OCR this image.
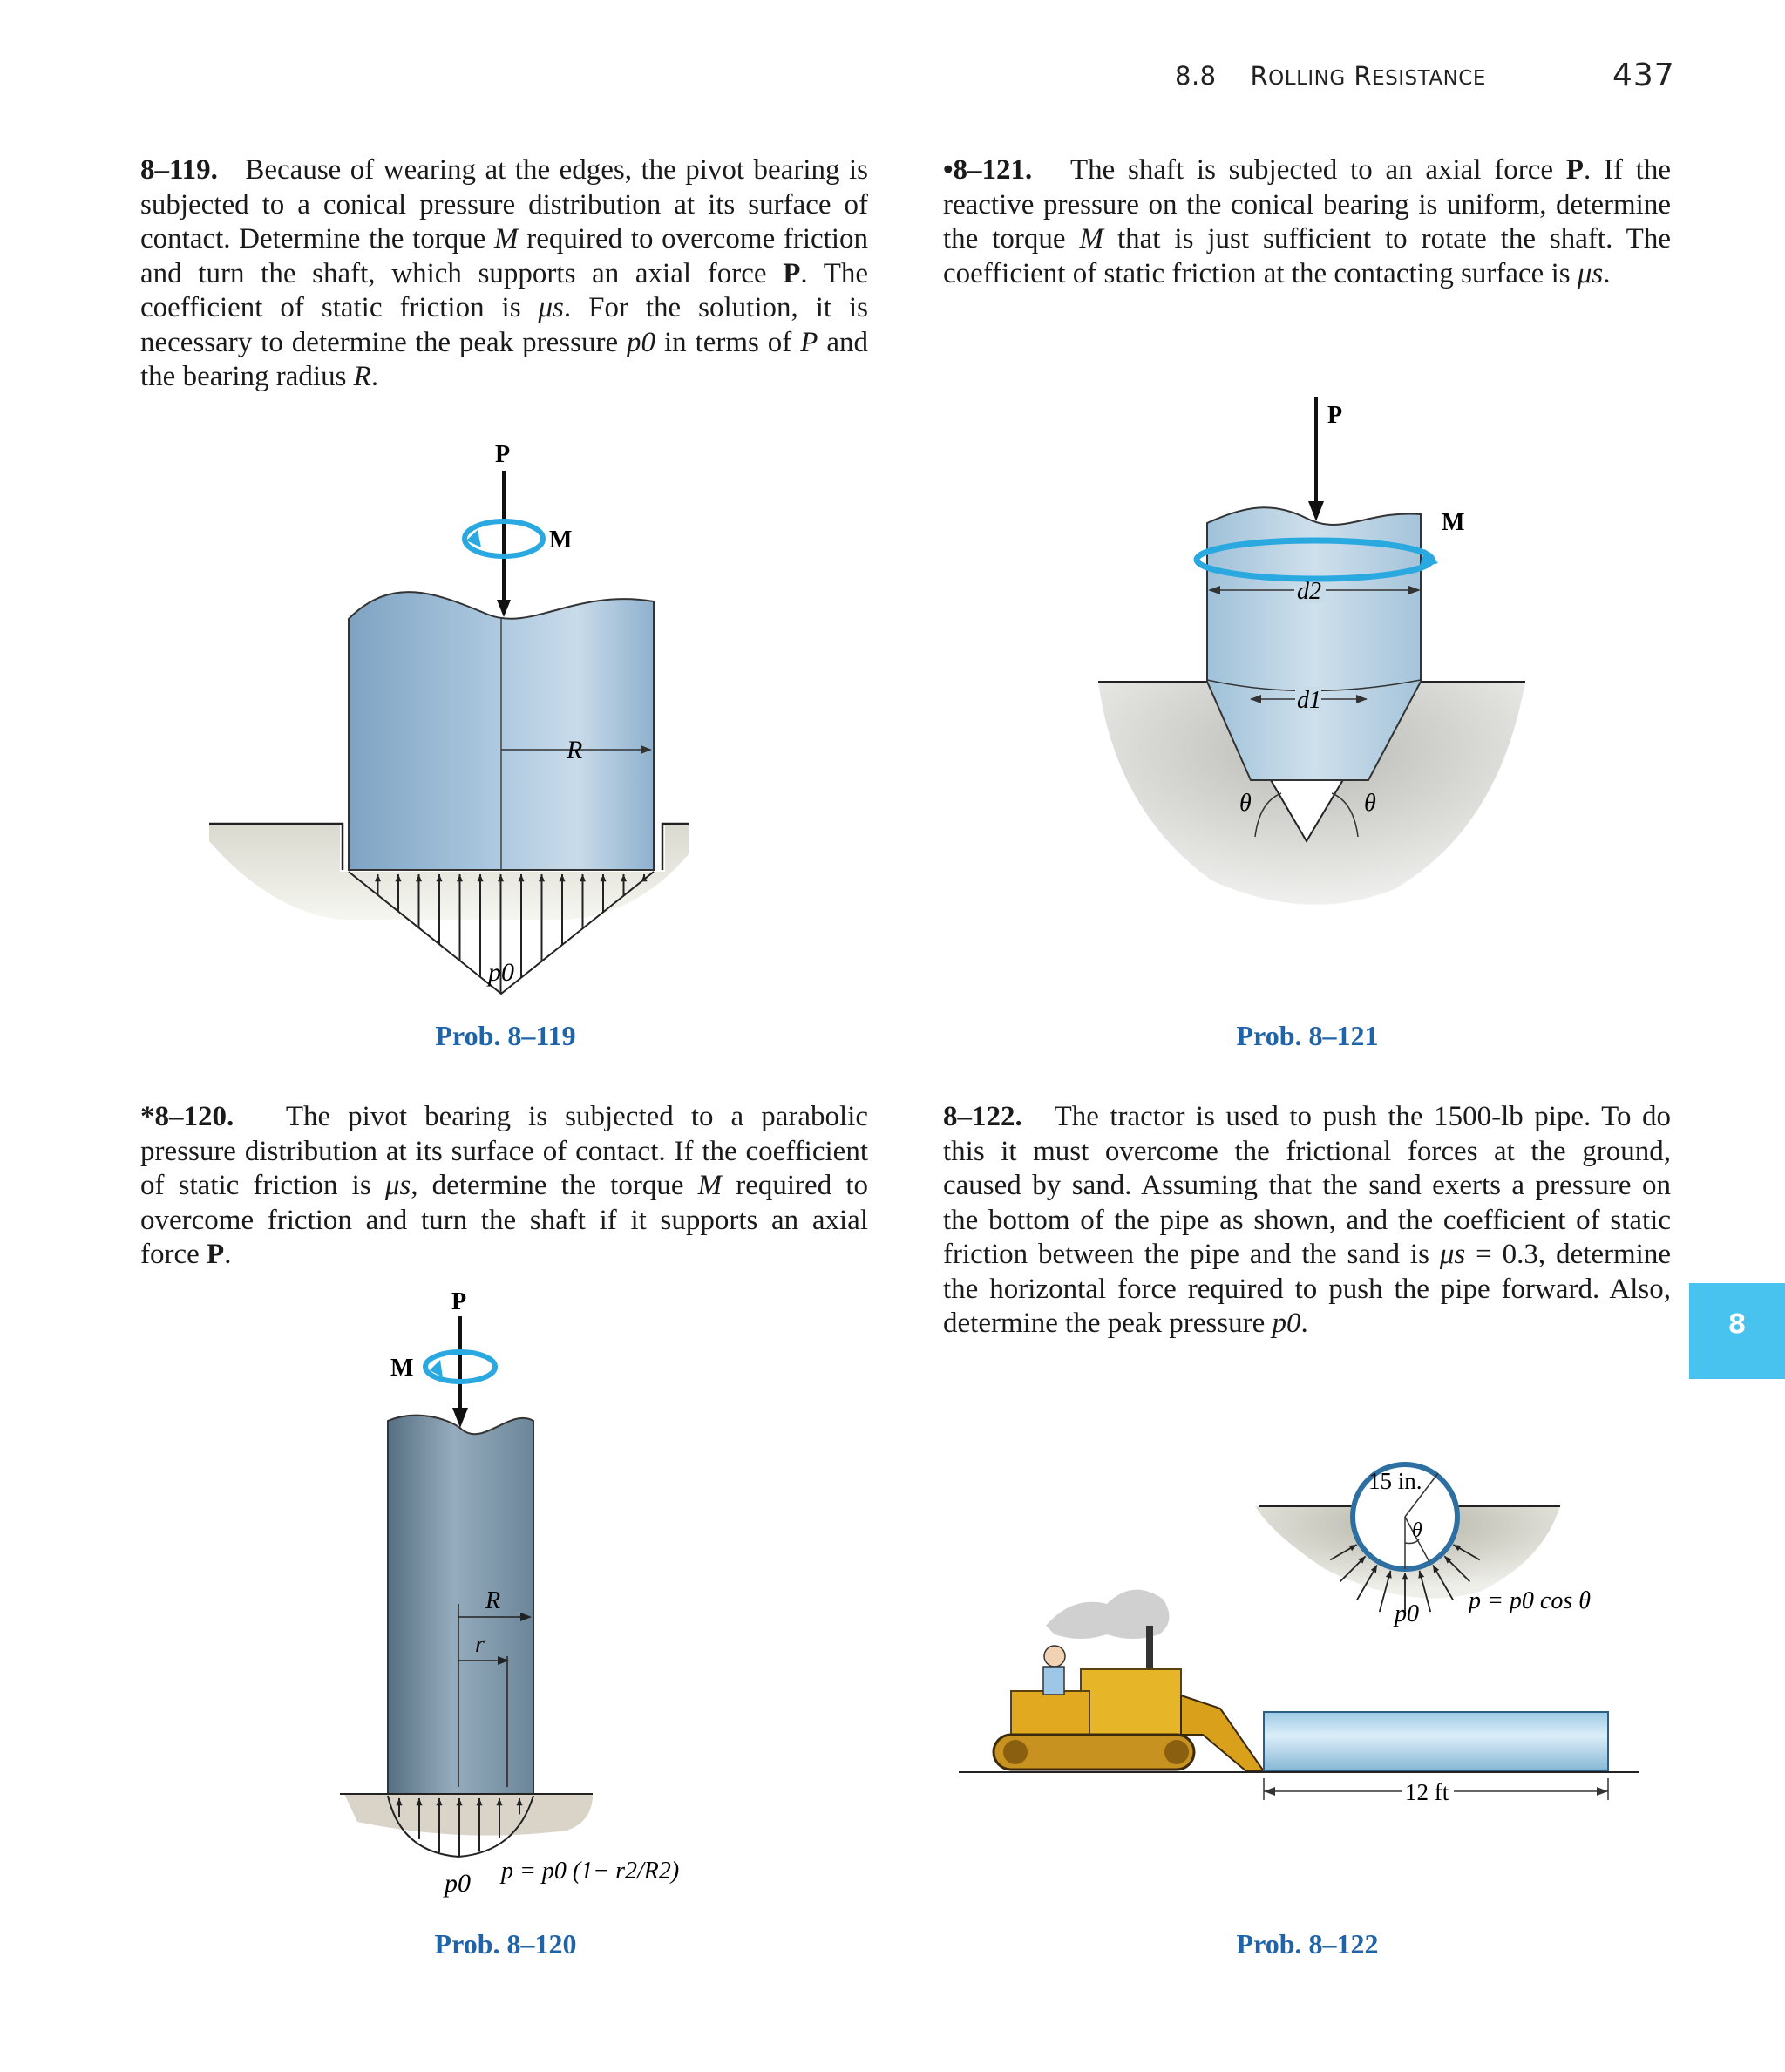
8.8 ROLLING RESISTANCE	437
8–119. Because of wearing at the edges, the pivot bearing is subjected to a conical pressure distribution at its surface of contact. Determine the torque M required to overcome friction and turn the shaft, which supports an axial force P. The coefficient of static friction is μs. For the solution, it is necessary to determine the peak pressure p0 in terms of P and the bearing radius R.
•8–121. The shaft is subjected to an axial force P. If the reactive pressure on the conical bearing is uniform, determine the torque M that is just sufficient to rotate the shaft. The coefficient of static friction at the contacting surface is μs.
*8–120. The pivot bearing is subjected to a parabolic pressure distribution at its surface of contact. If the coefficient of static friction is μs, determine the torque M required to overcome friction and turn the shaft if it supports an axial force P.
8–122. The tractor is used to push the 1500-lb pipe. To do this it must overcome the frictional forces at the ground, caused by sand. Assuming that the sand exerts a pressure on the bottom of the pipe as shown, and the coefficient of static friction between the pipe and the sand is μs = 0.3, determine the horizontal force required to push the pipe forward. Also, determine the peak pressure p0.
R
P
M
p0
d2
d1
θ	θ
P
M
R
r
P
M
p0 p = p0 (1− r2/R2)
θ
15 in.
p0 p = p0 cos θ
12 ft
Prob. 8–119	Prob. 8–121
Prob. 8–120	Prob. 8–122
8
